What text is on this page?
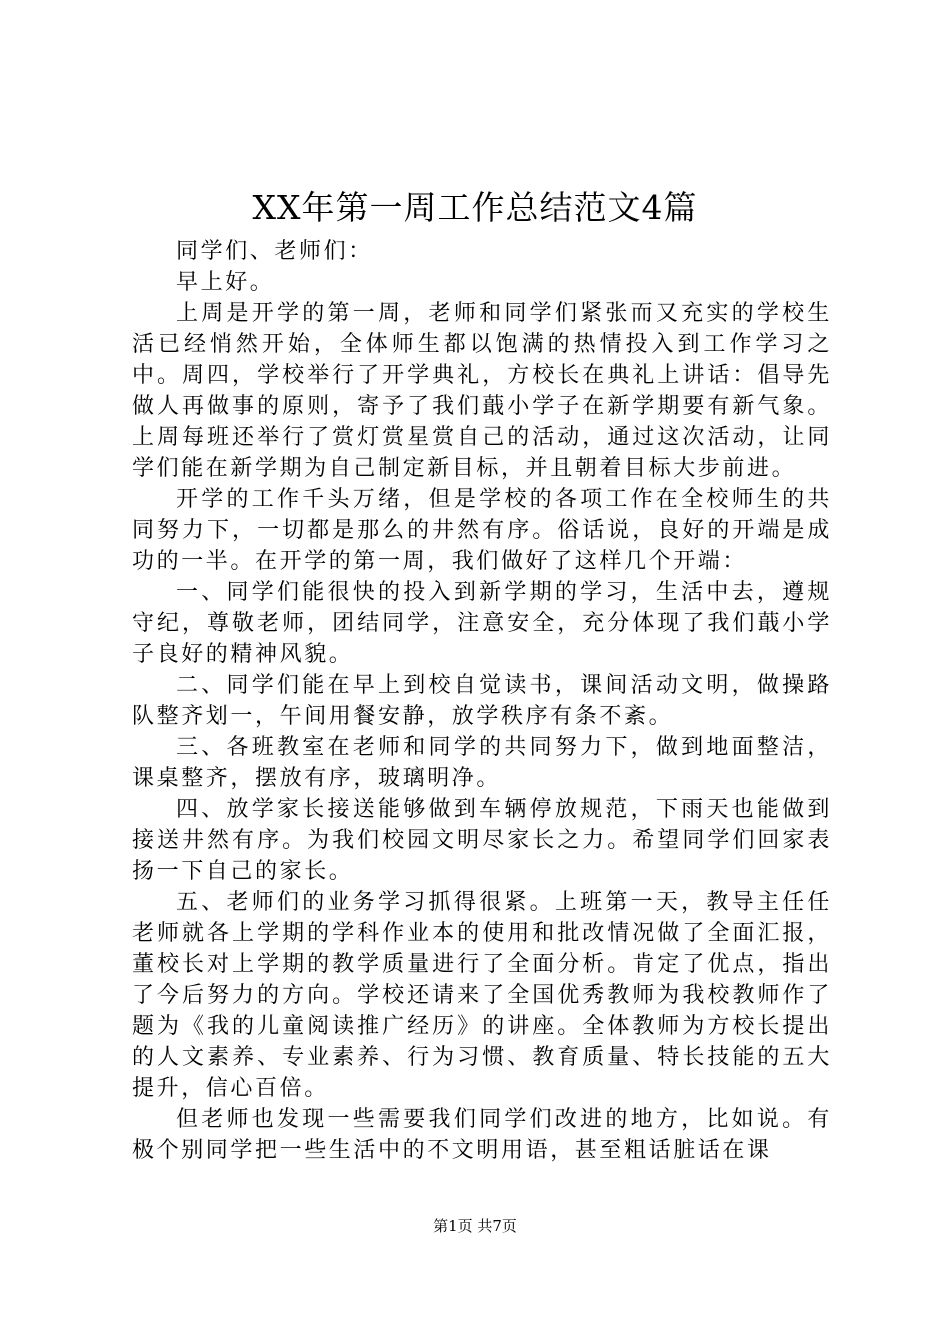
XX年第一周工作总结范文4篇

同学们、老师们：

早上好。

上周是开学的第一周，老师和同学们紧张而又充实的学校生活已经悄然开始，全体师生都以饱满的热情投入到工作学习之中。周四，学校举行了开学典礼，方校长在典礼上讲话：倡导先做人再做事的原则，寄予了我们蕺小学子在新学期要有新气象。上周每班还举行了赏灯赏星赏自己的活动，通过这次活动，让同学们能在新学期为自己制定新目标，并且朝着目标大步前进。

开学的工作千头万绪，但是学校的各项工作在全校师生的共同努力下，一切都是那么的井然有序。俗话说，良好的开端是成功的一半。在开学的第一周，我们做好了这样几个开端：

一、同学们能很快的投入到新学期的学习，生活中去，遵规守纪，尊敬老师，团结同学，注意安全，充分体现了我们蕺小学子良好的精神风貌。

二、同学们能在早上到校自觉读书，课间活动文明，做操路队整齐划一，午间用餐安静，放学秩序有条不紊。

三、各班教室在老师和同学的共同努力下，做到地面整洁，课桌整齐，摆放有序，玻璃明净。

四、放学家长接送能够做到车辆停放规范，下雨天也能做到接送井然有序。为我们校园文明尽家长之力。希望同学们回家表扬一下自己的家长。

五、老师们的业务学习抓得很紧。上班第一天，教导主任任老师就各上学期的学科作业本的使用和批改情况做了全面汇报，董校长对上学期的教学质量进行了全面分析。肯定了优点，指出了今后努力的方向。学校还请来了全国优秀教师为我校教师作了题为《我的儿童阅读推广经历》的讲座。全体教师为方校长提出的人文素养、专业素养、行为习惯、教育质量、特长技能的五大提升，信心百倍。

但老师也发现一些需要我们同学们改进的地方，比如说。有极个别同学把一些生活中的不文明用语，甚至粗话脏话在课

第1页 共7页
